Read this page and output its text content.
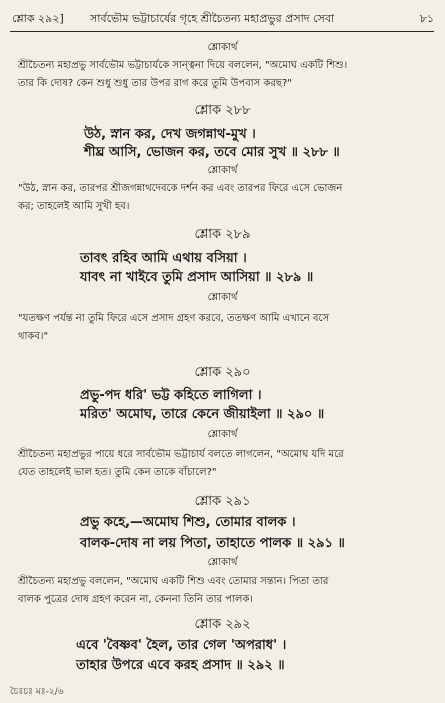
শ্লোক ২৯২] সার্বভৌম ভট্টাচার্যের গৃহে শ্রীচৈতন্য মহাপ্রভুর প্রসাদ সেবা	৮১
শ্লোকার্থ
শ্রীচৈতন্য মহাপ্রভু সার্বভৌম ভট্টাচার্যকে সান্ত্বনা দিয়ে বললেন, "অমোঘ একটি শিশু।
তার কি দোষ? কেন শুধু শুধু তার উপর রাগ করে তুমি উপবাস করছ?"
শ্লোক ২৮৮
উঠ, স্নান কর, দেখ জগন্নাথ-মুখ ।
শীঘ্র আসি, ভোজন কর, তবে মোর সুখ ॥ ২৮৮ ॥
শ্লোকার্থ
"উঠ, স্নান কর, তারপর শ্রীজগন্নাথদেবকে দর্শন কর এবং তারপর ফিরে এসে ভোজন
কর; তাহলেই আমি সুখী হব।
শ্লোক ২৮৯
তাবৎ রহিব আমি এথায় বসিয়া ।
যাবৎ না খাইবে তুমি প্রসাদ আসিয়া ॥ ২৮৯ ॥
শ্লোকার্থ
"যতক্ষণ পর্যন্ত না তুমি ফিরে এসে প্রসাদ গ্রহণ করবে, ততক্ষণ আমি এখানে বসে
থাকব।"
শ্লোক ২৯০
প্রভু-পদ ধরি' ভট্ট কহিতে লাগিলা ।
মরিত' অমোঘ, তারে কেনে জীয়াইলা ॥ ২৯০ ॥
শ্লোকার্থ
শ্রীচৈতন্য মহাপ্রভুর পায়ে ধরে সার্বভৌম ভট্টাচার্য বলতে লাগলেন, "অমোঘ যদি মরে
যেত তাহলেই ভাল হত। তুমি কেন তাকে বাঁচালে?"
শ্লোক ২৯১
প্রভু কহে,—অমোঘ শিশু, তোমার বালক ।
বালক-দোষ না লয় পিতা, তাহাতে পালক ॥ ২৯১ ॥
শ্লোকার্থ
শ্রীচৈতন্য মহাপ্রভু বললেন, "অমোঘ একটি শিশু এবং তোমার সন্তান। পিতা তার
বালক পুত্রের দোষ গ্রহণ করেন না, কেননা তিনি তার পালক।
শ্লোক ২৯২
এবে 'বৈষ্ণব' হৈল, তার গেল 'অপরাধ' ।
তাহার উপরে এবে করহ প্রসাদ ॥ ২৯২ ॥
চৈঃচঃ মঃ-২/৬
